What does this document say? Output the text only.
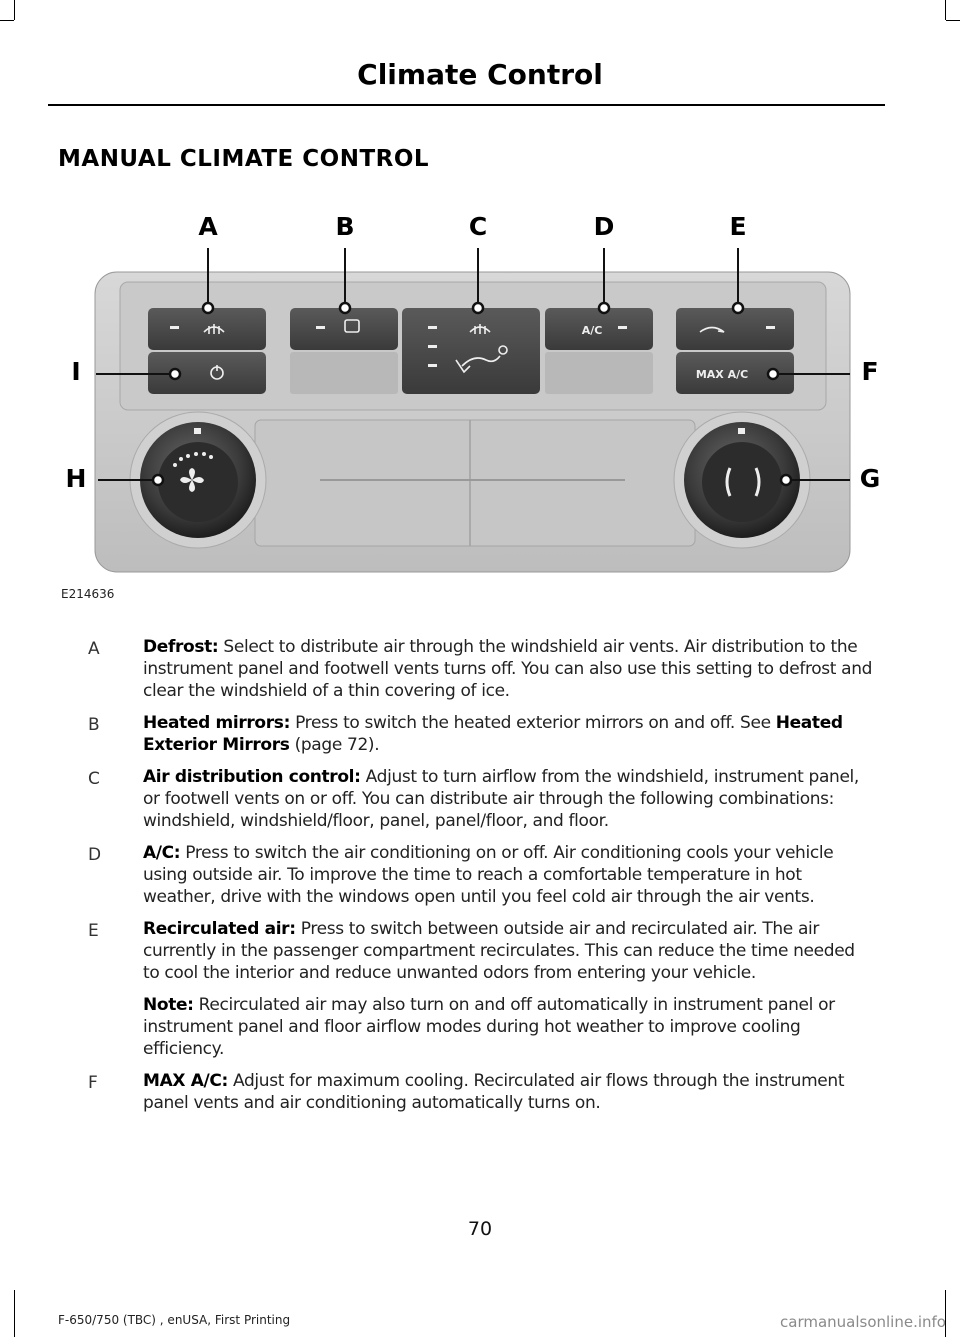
Climate Control
MANUAL CLIMATE CONTROL
A/C
MAX A/C
A	B	C	D	E
F
G
H
I
E214636
A	Defrost: Select to distribute air through the windshield air vents. Air distribution to the instrument panel and footwell vents turns off. You can also use this setting to defrost and clear the windshield of a thin covering of ice.
B	Heated mirrors: Press to switch the heated exterior mirrors on and off. See Heated Exterior Mirrors (page 72).
C	Air distribution control: Adjust to turn airflow from the windshield, instrument panel, or footwell vents on or off. You can distribute air through the following combinations: windshield, windshield/floor, panel, panel/floor, and floor.
D A/C: Press to switch the air conditioning on or off. Air conditioning cools your vehicle using outside air. To improve the time to reach a comfortable temperature in hot weather, drive with the windows open until you feel cold air through the air vents.
E	Recirculated air: Press to switch between outside air and recirculated air. The air currently in the passenger compartment recirculates. This can reduce the time needed to cool the interior and reduce unwanted odors from entering your vehicle.
Note: Recirculated air may also turn on and off automatically in instrument panel or instrument panel and floor airflow modes during hot weather to improve cooling efficiency.
F	MAX A/C: Adjust for maximum cooling. Recirculated air flows through the instrument panel vents and air conditioning automatically turns on.
70
F-650/750 (TBC) , enUSA, First Printing	carmanualsonline.info
